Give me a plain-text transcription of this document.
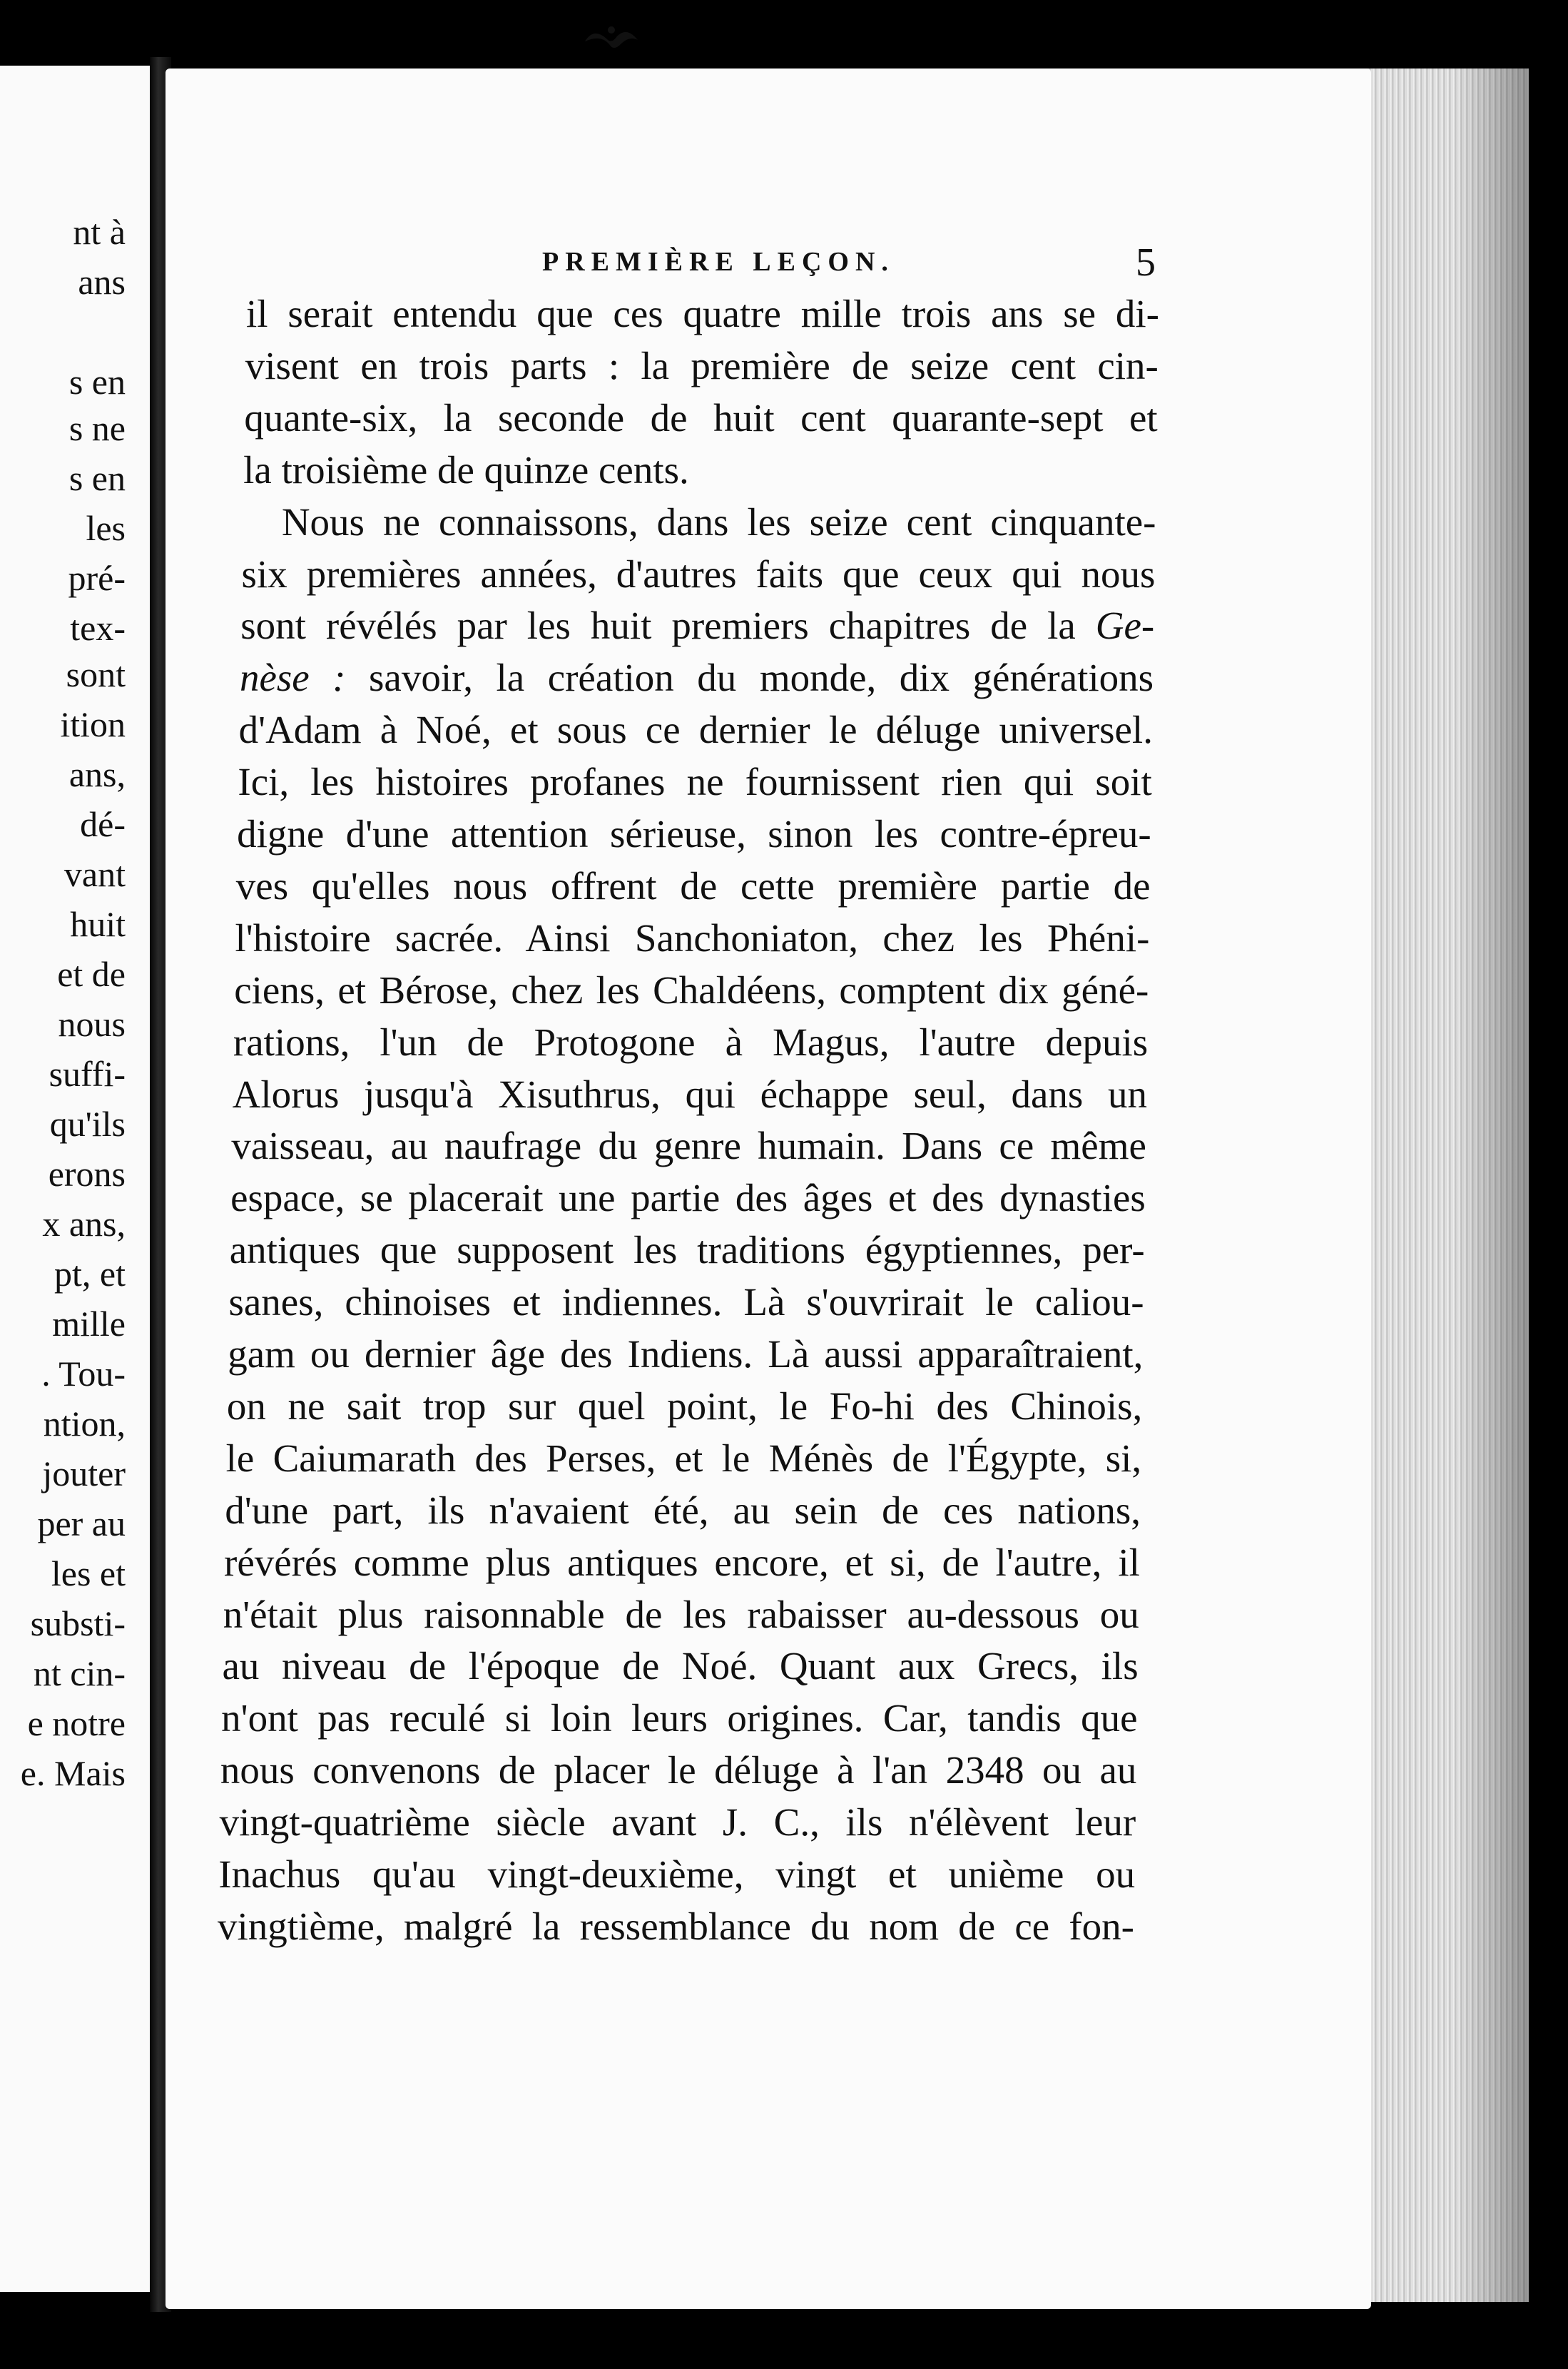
nt à
ans
s en
s ne
s en
les
pré-
tex-
sont
ition
ans,
dé-
vant
huit
et de
nous
suffi-
qu'ils
erons
x ans,
pt, et
mille
. Tou-
ntion,
jouter
per au
les et
substi-
nt cin-
e notre
e. Mais
il serait entendu que ces quatre mille trois ans se di-
visent en trois parts : la première de seize cent cin-
quante-six, la seconde de huit cent quarante-sept et
la troisième de quinze cents.
Nous ne connaissons, dans les seize cent cinquante-
six premières années, d'autres faits que ceux qui nous
sont révélés par les huit premiers chapitres de la Ge-
nèse : savoir, la création du monde, dix générations
d'Adam à Noé, et sous ce dernier le déluge universel.
Ici, les histoires profanes ne fournissent rien qui soit
digne d'une attention sérieuse, sinon les contre-épreu-
ves qu'elles nous offrent de cette première partie de
l'histoire sacrée. Ainsi Sanchoniaton, chez les Phéni-
ciens, et Bérose, chez les Chaldéens, comptent dix géné-
rations, l'un de Protogone à Magus, l'autre depuis
Alorus jusqu'à Xisuthrus, qui échappe seul, dans un
vaisseau, au naufrage du genre humain. Dans ce même
espace, se placerait une partie des âges et des dynasties
antiques que supposent les traditions égyptiennes, per-
sanes, chinoises et indiennes. Là s'ouvrirait le caliou-
gam ou dernier âge des Indiens. Là aussi apparaîtraient,
on ne sait trop sur quel point, le Fo-hi des Chinois,
le Caiumarath des Perses, et le Ménès de l'Égypte, si,
d'une part, ils n'avaient été, au sein de ces nations,
révérés comme plus antiques encore, et si, de l'autre, il
n'était plus raisonnable de les rabaisser au-dessous ou
au niveau de l'époque de Noé. Quant aux Grecs, ils
n'ont pas reculé si loin leurs origines. Car, tandis que
nous convenons de placer le déluge à l'an 2348 ou au
vingt-quatrième siècle avant J. C., ils n'élèvent leur
Inachus qu'au vingt-deuxième, vingt et unième ou
vingtième, malgré la ressemblance du nom de ce fon-
PREMIÈRE LEÇON.	5
